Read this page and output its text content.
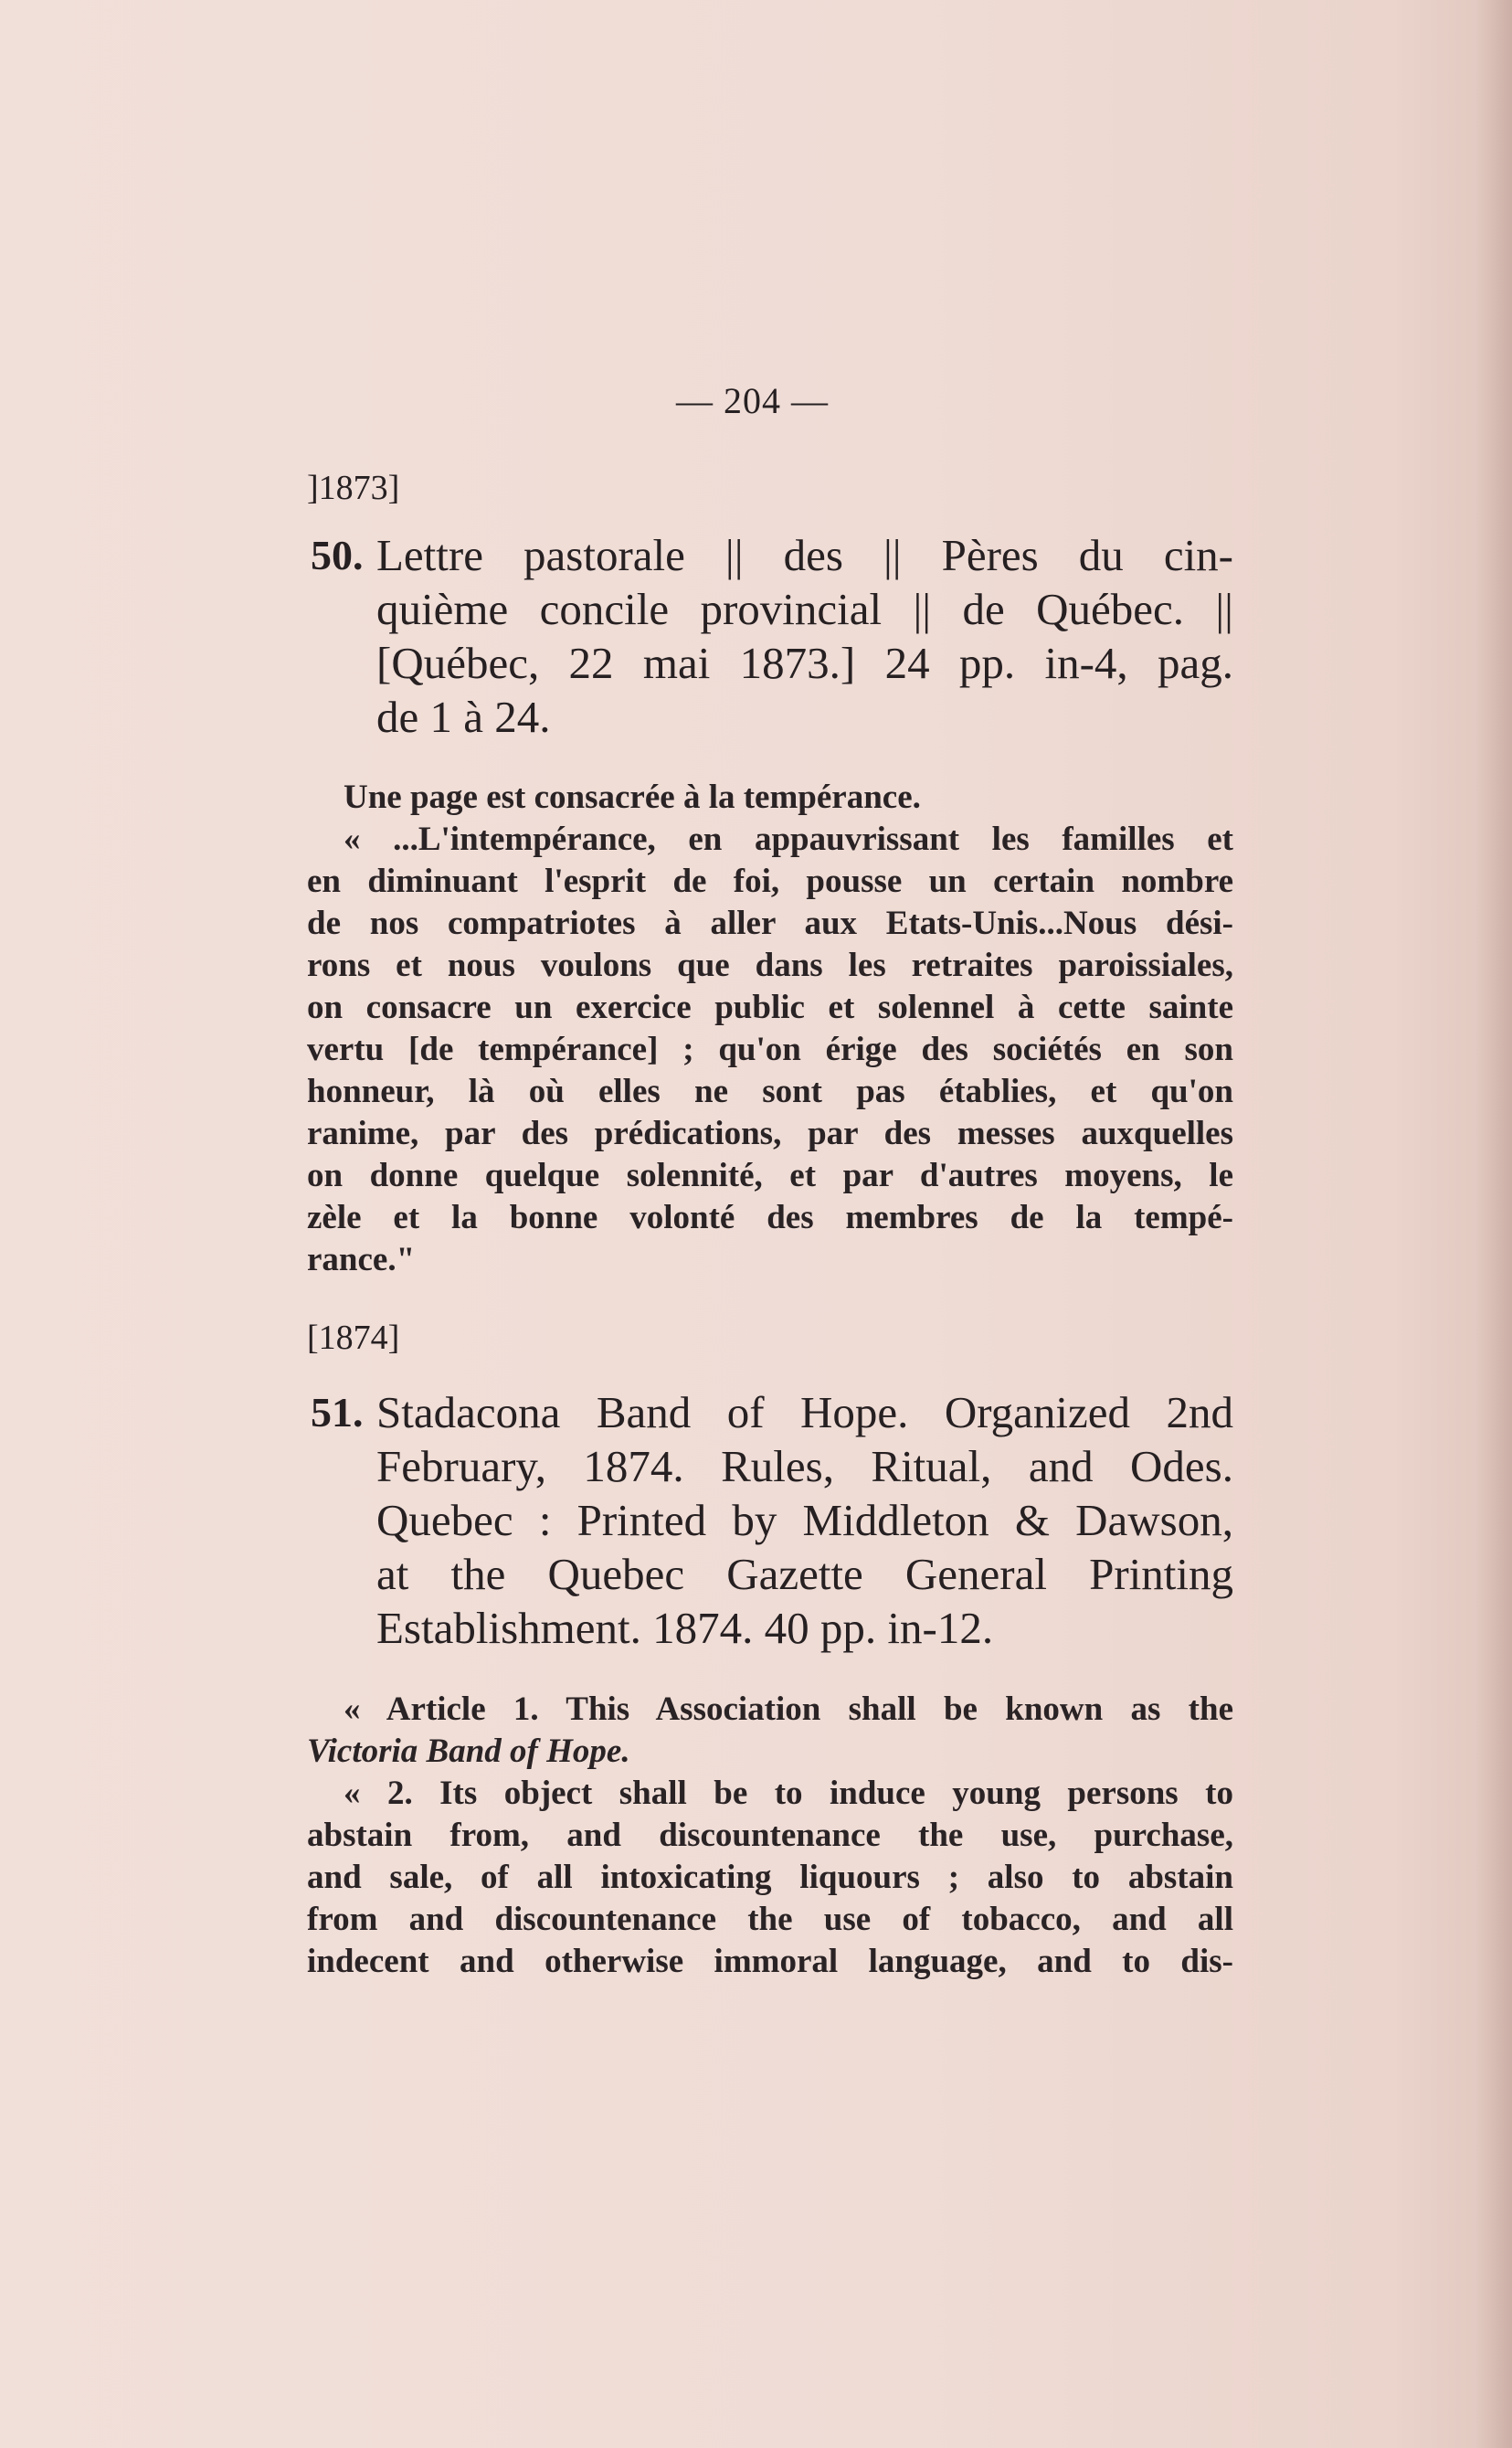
— 204 —
]1873]
50. Lettre pastorale || des || Pères du cin-
quième concile provincial || de Québec. ||
[Québec, 22 mai 1873.] 24 pp. in-4, pag.
de 1 à 24.
Une page est consacrée à la tempérance.
« ...L'intempérance, en appauvrissant les familles et
en diminuant l'esprit de foi, pousse un certain nombre
de nos compatriotes à aller aux Etats-Unis...Nous dési-
rons et nous voulons que dans les retraites paroissiales,
on consacre un exercice public et solennel à cette sainte
vertu [de tempérance] ; qu'on érige des sociétés en son
honneur, là où elles ne sont pas établies, et qu'on
ranime, par des prédications, par des messes auxquelles
on donne quelque solennité, et par d'autres moyens, le
zèle et la bonne volonté des membres de la tempé-
rance."
[1874]
51. Stadacona Band of Hope. Organized 2nd
February, 1874. Rules, Ritual, and Odes.
Quebec : Printed by Middleton & Dawson,
at the Quebec Gazette General Printing
Establishment. 1874. 40 pp. in-12.
« Article 1. This Association shall be known as the
Victoria Band of Hope.
« 2. Its object shall be to induce young persons to
abstain from, and discountenance the use, purchase,
and sale, of all intoxicating liquours ; also to abstain
from and discountenance the use of tobacco, and all
indecent and otherwise immoral language, and to dis-
